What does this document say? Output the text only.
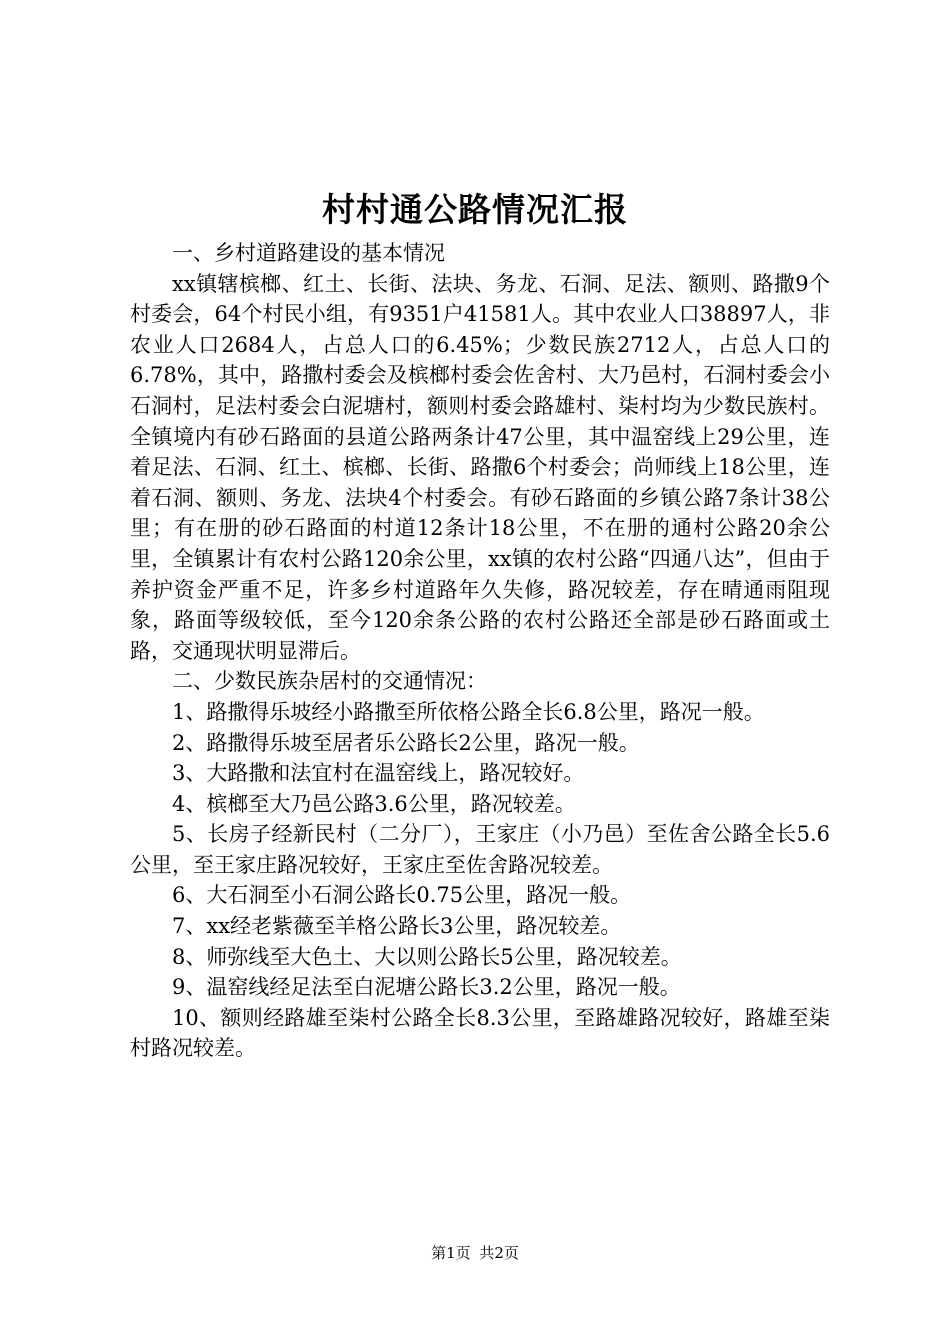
村村通公路情况汇报

一、乡村道路建设的基本情况

xx镇辖槟榔、红土、长街、法块、务龙、石洞、足法、额则、路撒9个村委会，64个村民小组，有9351户41581人。其中农业人口38897人，非农业人口2684人，占总人口的6.45%；少数民族2712人，占总人口的6.78%，其中，路撒村委会及槟榔村委会佐舍村、大乃邑村，石洞村委会小石洞村，足法村委会白泥塘村，额则村委会路雄村、柒村均为少数民族村。全镇境内有砂石路面的县道公路两条计47公里，其中温窑线上29公里，连着足法、石洞、红土、槟榔、长街、路撒6个村委会；尚师线上18公里，连着石洞、额则、务龙、法块4个村委会。有砂石路面的乡镇公路7条计38公里；有在册的砂石路面的村道12条计18公里，不在册的通村公路20余公里，全镇累计有农村公路120余公里，xx镇的农村公路“四通八达”，但由于养护资金严重不足，许多乡村道路年久失修，路况较差，存在晴通雨阻现象，路面等级较低，至今120余条公路的农村公路还全部是砂石路面或土路，交通现状明显滞后。

二、少数民族杂居村的交通情况：

1、路撒得乐坡经小路撒至所依格公路全长6.8公里，路况一般。

2、路撒得乐坡至居者乐公路长2公里，路况一般。

3、大路撒和法宜村在温窑线上，路况较好。

4、槟榔至大乃邑公路3.6公里，路况较差。

5、长房子经新民村（二分厂），王家庄（小乃邑）至佐舍公路全长5.6公里，至王家庄路况较好，王家庄至佐舍路况较差。

6、大石洞至小石洞公路长0.75公里，路况一般。

7、xx经老紫薇至羊格公路长3公里，路况较差。

8、师弥线至大色土、大以则公路长5公里，路况较差。

9、温窑线经足法至白泥塘公路长3.2公里，路况一般。

10、额则经路雄至柒村公路全长8.3公里，至路雄路况较好，路雄至柒村路况较差。

第1页 共2页
